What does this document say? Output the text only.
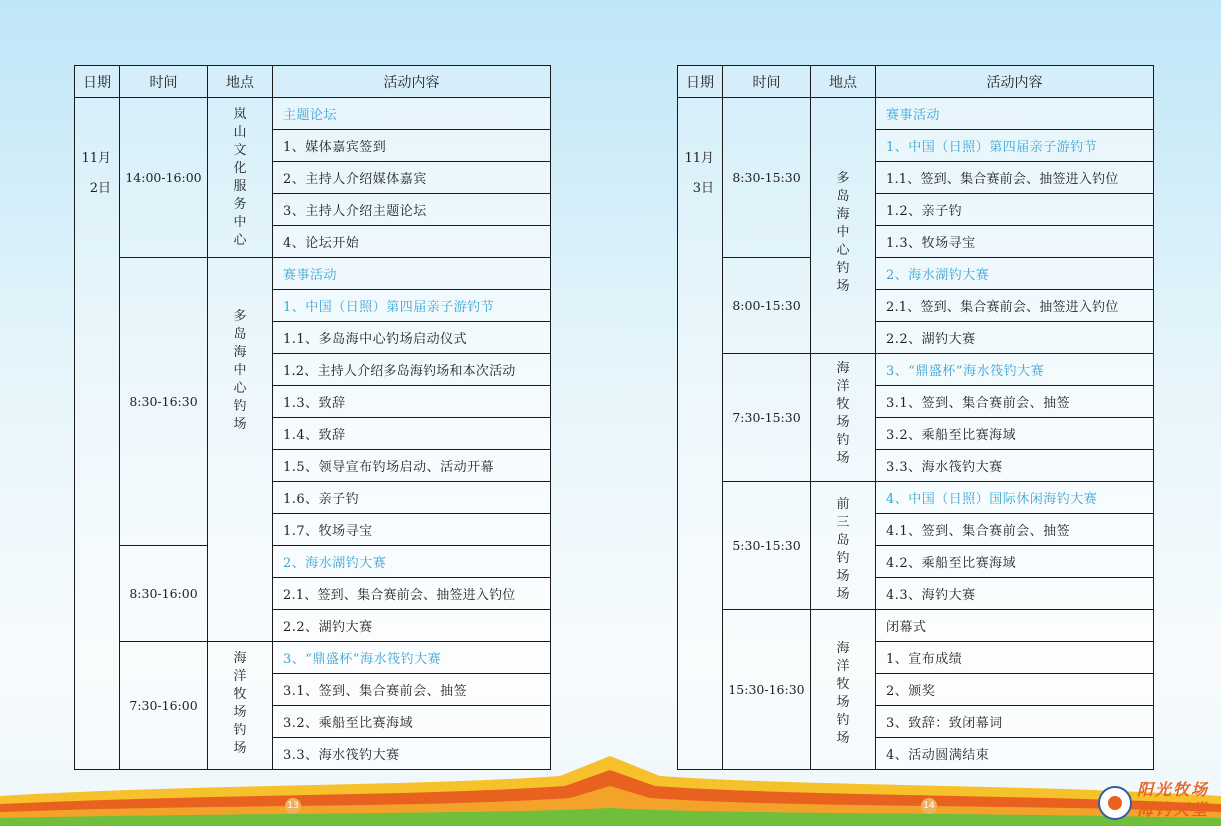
日期	时间	地点	活动内容

11月
2日	14:00-16:00	岚山文化服务中心	主题论坛
			1、媒体嘉宾签到
			2、主持人介绍媒体嘉宾
			3、主持人介绍主题论坛
			4、论坛开始
	8:30-16:30	多岛海中心钓场	赛事活动
			1、中国（日照）第四届亲子游钓节
			1.1、多岛海中心钓场启动仪式
			1.2、主持人介绍多岛海钓场和本次活动
			1.3、致辞
			1.4、致辞
			1.5、领导宣布钓场启动、活动开幕
			1.6、亲子钓
			1.7、牧场寻宝
	8:30-16:00		2、海水湖钓大赛
			2.1、签到、集合赛前会、抽签进入钓位
			2.2、湖钓大赛
	7:30-16:00	海洋牧场钓场	3、“鼎盛杯”海水筏钓大赛
			3.1、签到、集合赛前会、抽签
			3.2、乘船至比赛海域
			3.3、海水筏钓大赛
日期	时间	地点	活动内容

11月
3日	8:30-15:30	多岛海中心钓场	赛事活动
			1、中国（日照）第四届亲子游钓节
			1.1、签到、集合赛前会、抽签进入钓位
			1.2、亲子钓
			1.3、牧场寻宝
	8:00-15:30		2、海水湖钓大赛
			2.1、签到、集合赛前会、抽签进入钓位
			2.2、湖钓大赛
	7:30-15:30	海洋牧场钓场	3、“鼎盛杯”海水筏钓大赛
			3.1、签到、集合赛前会、抽签
			3.2、乘船至比赛海域
			3.3、海水筏钓大赛
	5:30-15:30	前三岛钓场场	4、中国（日照）国际休闲海钓大赛
			4.1、签到、集合赛前会、抽签
			4.2、乘船至比赛海域
			4.3、海钓大赛
	15:30-16:30	海洋牧场钓场	闭幕式
			1、宣布成绩
			2、颁奖
			3、致辞：致闭幕词
			4、活动圆满结束
13	14
阳光牧场
海钓天堂
